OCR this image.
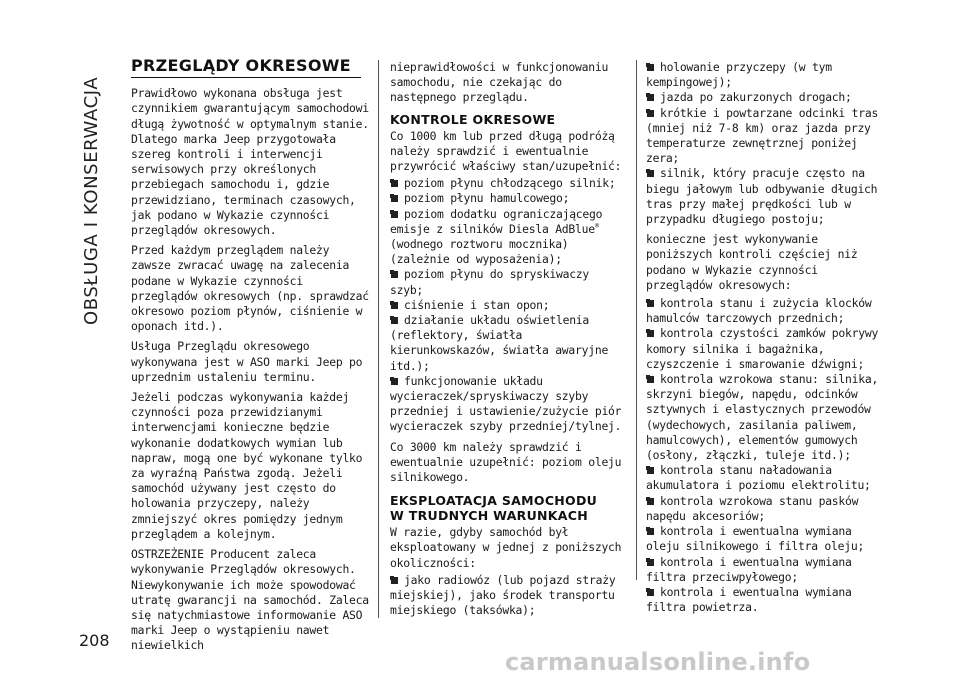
OBSŁUGA I KONSERWACJA
PRZEGLĄDY OKRESOWE

Prawidłowo wykonana obsługa jest czynnikiem gwarantującym samochodowi długą żywotność w optymalnym stanie. Dlatego marka Jeep przygotowała szereg kontroli i interwencji serwisowych przy określonych przebiegach samochodu i, gdzie przewidziano, terminach czasowych, jak podano w Wykazie czynności przeglądów okresowych.

Przed każdym przeglądem należy zawsze zwracać uwagę na zalecenia podane w Wykazie czynności przeglądów okresowych (np. sprawdzać okresowo poziom płynów, ciśnienie w oponach itd.).

Usługa Przeglądu okresowego wykonywana jest w ASO marki Jeep po uprzednim ustaleniu terminu.

Jeżeli podczas wykonywania każdej czynności poza przewidzianymi interwencjami konieczne będzie wykonanie dodatkowych wymian lub napraw, mogą one być wykonane tylko za wyraźną Państwa zgodą. Jeżeli samochód używany jest często do holowania przyczepy, należy zmniejszyć okres pomiędzy jednym przeglądem a kolejnym.

OSTRZEŻENIE Producent zaleca wykonywanie Przeglądów okresowych. Niewykonywanie ich może spowodować utratę gwarancji na samochód. Zaleca się natychmiastowe informowanie ASO marki Jeep o wystąpieniu nawet niewielkich

nieprawidłowości w funkcjonowaniu samochodu, nie czekając do następnego przeglądu.

KONTROLE OKRESOWE

Co 1000 km lub przed długą podróżą należy sprawdzić i ewentualnie przywrócić właściwy stan/uzupełnić:

poziom płynu chłodzącego silnik;
poziom płynu hamulcowego;
poziom dodatku ograniczającego emisje z silników Diesla AdBlue® (wodnego roztworu mocznika) (zależnie od wyposażenia);
poziom płynu do spryskiwaczy szyb;
ciśnienie i stan opon;
działanie układu oświetlenia (reflektory, światła kierunkowskazów, światła awaryjne itd.);
funkcjonowanie układu wycieraczek/spryskiwaczy szyby przedniej i ustawienie/zużycie piór wycieraczek szyby przedniej/tylnej.

Co 3000 km należy sprawdzić i ewentualnie uzupełnić: poziom oleju silnikowego.

EKSPLOATACJA SAMOCHODU
W TRUDNYCH WARUNKACH

W razie, gdyby samochód był eksploatowany w jednej z poniższych okoliczności:

jako radiowóz (lub pojazd straży miejskiej), jako środek transportu miejskiego (taksówka);
holowanie przyczepy (w tym kempingowej);
jazda po zakurzonych drogach;
krótkie i powtarzane odcinki tras (mniej niż 7-8 km) oraz jazda przy temperaturze zewnętrznej poniżej zera;
silnik, który pracuje często na biegu jałowym lub odbywanie długich tras przy małej prędkości lub w przypadku długiego postoju;

konieczne jest wykonywanie poniższych kontroli częściej niż podano w Wykazie czynności przeglądów okresowych:

kontrola stanu i zużycia klocków hamulców tarczowych przednich;
kontrola czystości zamków pokrywy komory silnika i bagażnika, czyszczenie i smarowanie dźwigni;
kontrola wzrokowa stanu: silnika, skrzyni biegów, napędu, odcinków sztywnych i elastycznych przewodów (wydechowych, zasilania paliwem, hamulcowych), elementów gumowych (osłony, złączki, tuleje itd.);
kontrola stanu naładowania akumulatora i poziomu elektrolitu;
kontrola wzrokowa stanu pasków napędu akcesoriów;
kontrola i ewentualna wymiana oleju silnikowego i filtra oleju;
kontrola i ewentualna wymiana filtra przeciwpyłowego;
kontrola i ewentualna wymiana filtra powietrza.
208
carmanualsonline.info
